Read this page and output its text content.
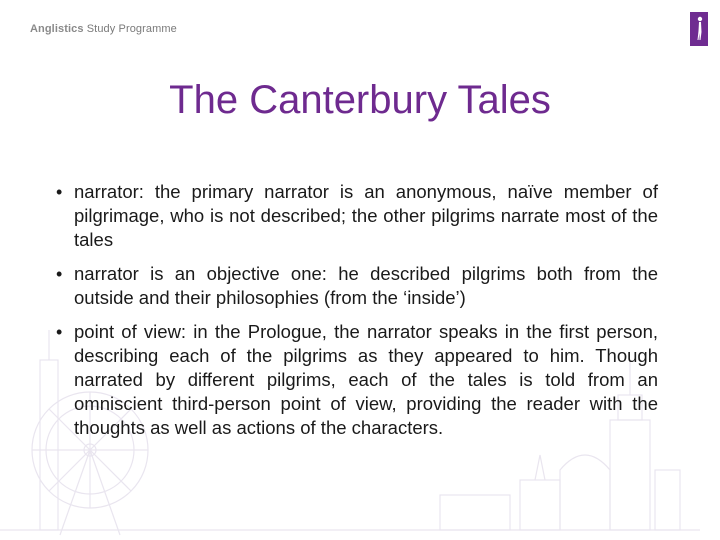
Anglistics Study Programme
The Canterbury Tales
• narrator: the primary narrator is an anonymous, naïve member of pilgrimage, who is not described; the other pilgrims narrate most of the tales
• narrator is an objective one: he described pilgrims both from the outside and their philosophies (from the ‘inside’)
• point of view: in the Prologue, the narrator speaks in the first person, describing each of the pilgrims as they appeared to him. Though narrated by different pilgrims, each of the tales is told from an omniscient third-person point of view, providing the reader with the thoughts as well as actions of the characters.
